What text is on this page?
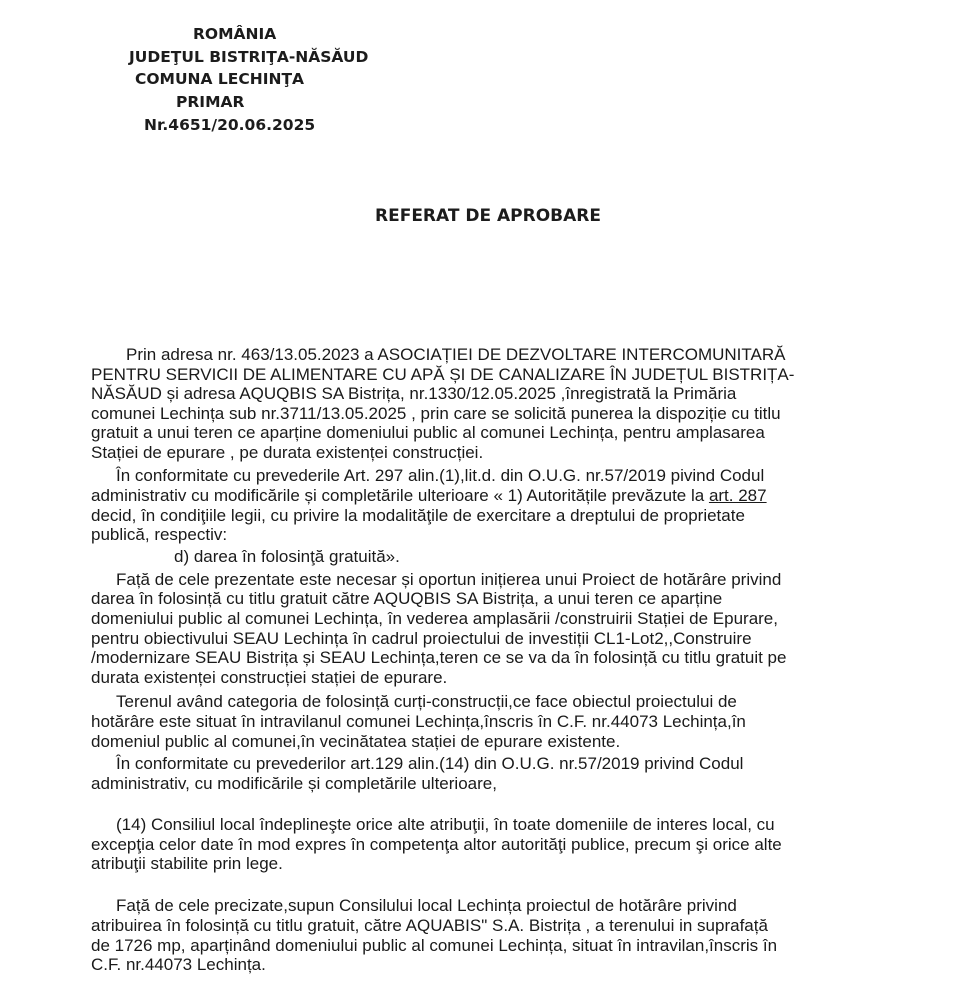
ROMÂNIA
JUDEŢUL BISTRIŢA-NĂSĂUD
COMUNA LECHINŢA
PRIMAR
Nr.4651/20.06.2025
REFERAT DE APROBARE
Prin adresa nr. 463/13.05.2023 a ASOCIAȚIEI DE DEZVOLTARE INTERCOMUNITARĂ
PENTRU SERVICII DE ALIMENTARE CU APĂ ȘI DE CANALIZARE ÎN JUDEȚUL BISTRIȚA-
NĂSĂUD și adresa AQUQBIS SA Bistrița, nr.1330/12.05.2025 ,înregistrată la Primăria
comunei Lechința sub nr.3711/13.05.2025 , prin care se solicită punerea la dispoziție cu titlu
gratuit a unui teren ce aparține domeniului public al comunei Lechința, pentru amplasarea
Stației de epurare , pe durata existenței construcției.
În conformitate cu prevederile Art. 297 alin.(1),lit.d. din O.U.G. nr.57/2019 pivind Codul
administrativ cu modificările și completările ulterioare « 1) Autoritățile prevăzute la art. 287
decid, în condiţiile legii, cu privire la modalităţile de exercitare a dreptului de proprietate
publică, respectiv:
d) darea în folosinţă gratuită».
Față de cele prezentate este necesar și oportun inițierea unui Proiect de hotărâre privind
darea în folosință cu titlu gratuit către AQUQBIS SA Bistrița, a unui teren ce aparține
domeniului public al comunei Lechința, în vederea amplasării /construirii Stației de Epurare,
pentru obiectivului SEAU Lechința în cadrul proiectului de investiții CL1-Lot2,,Construire
/modernizare SEAU Bistrița și SEAU Lechința,teren ce se va da în folosință cu titlu gratuit pe
durata existenței construcției stației de epurare.
Terenul având categoria de folosință curți-construcții,ce face obiectul proiectului de
hotărâre este situat în intravilanul comunei Lechința,înscris în C.F. nr.44073 Lechința,în
domeniul public al comunei,în vecinătatea stației de epurare existente.
În conformitate cu prevederilor art.129 alin.(14) din O.U.G. nr.57/2019 privind Codul
administrativ, cu modificările și completările ulterioare,
(14) Consiliul local îndeplineşte orice alte atribuţii, în toate domeniile de interes local, cu
excepţia celor date în mod expres în competenţa altor autorităţi publice, precum şi orice alte
atribuţii stabilite prin lege.
Față de cele precizate,supun Consilului local Lechința proiectul de hotărâre privind
atribuirea în folosință cu titlu gratuit, către AQUABIS" S.A. Bistrița , a terenului in suprafață
de 1726 mp, aparținând domeniului public al comunei Lechința, situat în intravilan,înscris în
C.F. nr.44073 Lechința.
